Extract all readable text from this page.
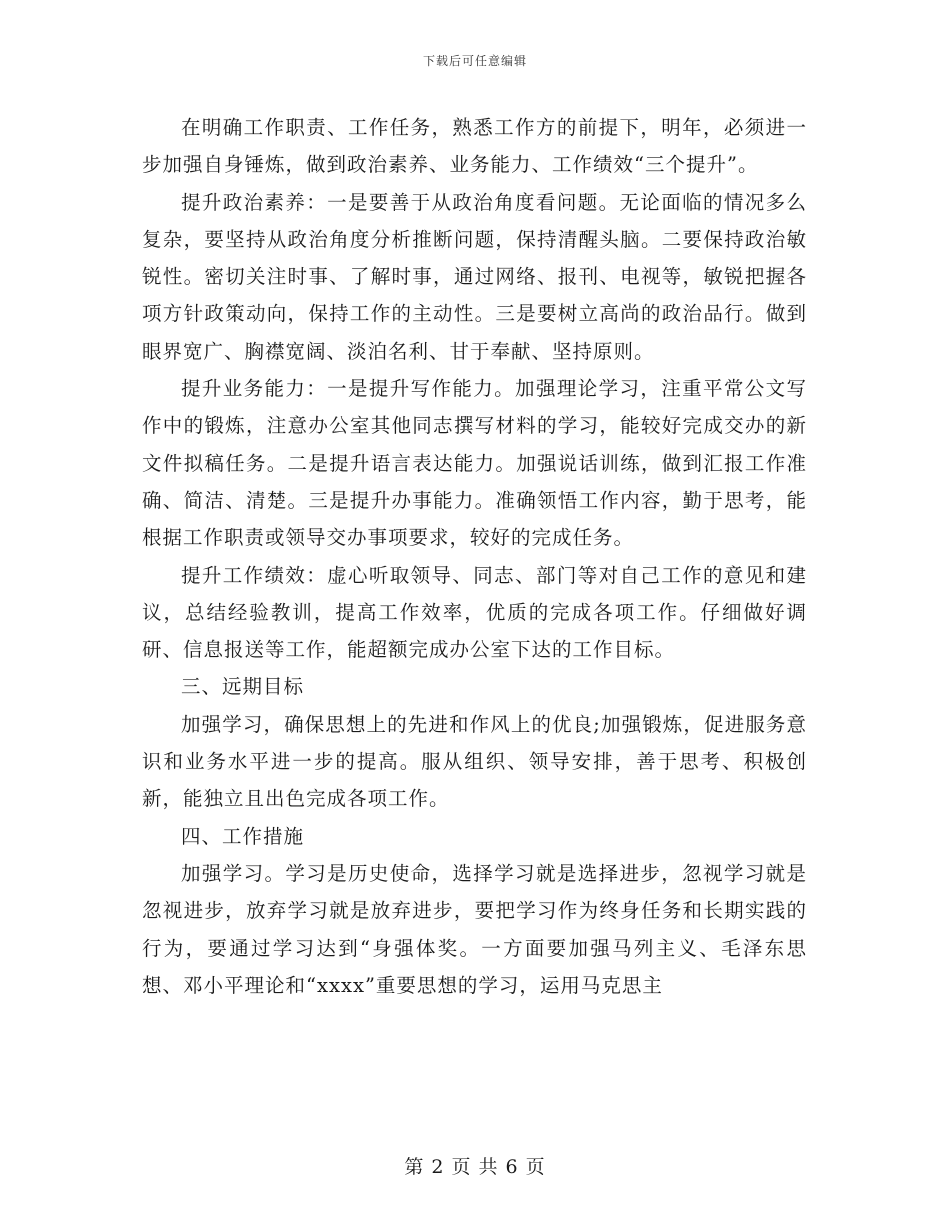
下载后可任意编辑

在明确工作职责、工作任务，熟悉工作方的前提下，明年，必须进一步加强自身锤炼，做到政治素养、业务能力、工作绩效“三个提升”。

提升政治素养：一是要善于从政治角度看问题。无论面临的情况多么复杂，要坚持从政治角度分析推断问题，保持清醒头脑。二要保持政治敏锐性。密切关注时事、了解时事，通过网络、报刊、电视等，敏锐把握各项方针政策动向，保持工作的主动性。三是要树立高尚的政治品行。做到眼界宽广、胸襟宽阔、淡泊名利、甘于奉献、坚持原则。

提升业务能力：一是提升写作能力。加强理论学习，注重平常公文写作中的锻炼，注意办公室其他同志撰写材料的学习，能较好完成交办的新文件拟稿任务。二是提升语言表达能力。加强说话训练，做到汇报工作准确、简洁、清楚。三是提升办事能力。准确领悟工作内容，勤于思考，能根据工作职责或领导交办事项要求，较好的完成任务。

提升工作绩效：虚心听取领导、同志、部门等对自己工作的意见和建议，总结经验教训，提高工作效率，优质的完成各项工作。仔细做好调研、信息报送等工作，能超额完成办公室下达的工作目标。

三、远期目标

加强学习，确保思想上的先进和作风上的优良;加强锻炼，促进服务意识和业务水平进一步的提高。服从组织、领导安排，善于思考、积极创新，能独立且出色完成各项工作。

四、工作措施

加强学习。学习是历史使命，选择学习就是选择进步，忽视学习就是忽视进步，放弃学习就是放弃进步，要把学习作为终身任务和长期实践的行为，要通过学习达到“身强体奖。一方面要加强马列主义、毛泽东思想、邓小平理论和“xxxx”重要思想的学习，运用马克思主

第 2 页 共 6 页
